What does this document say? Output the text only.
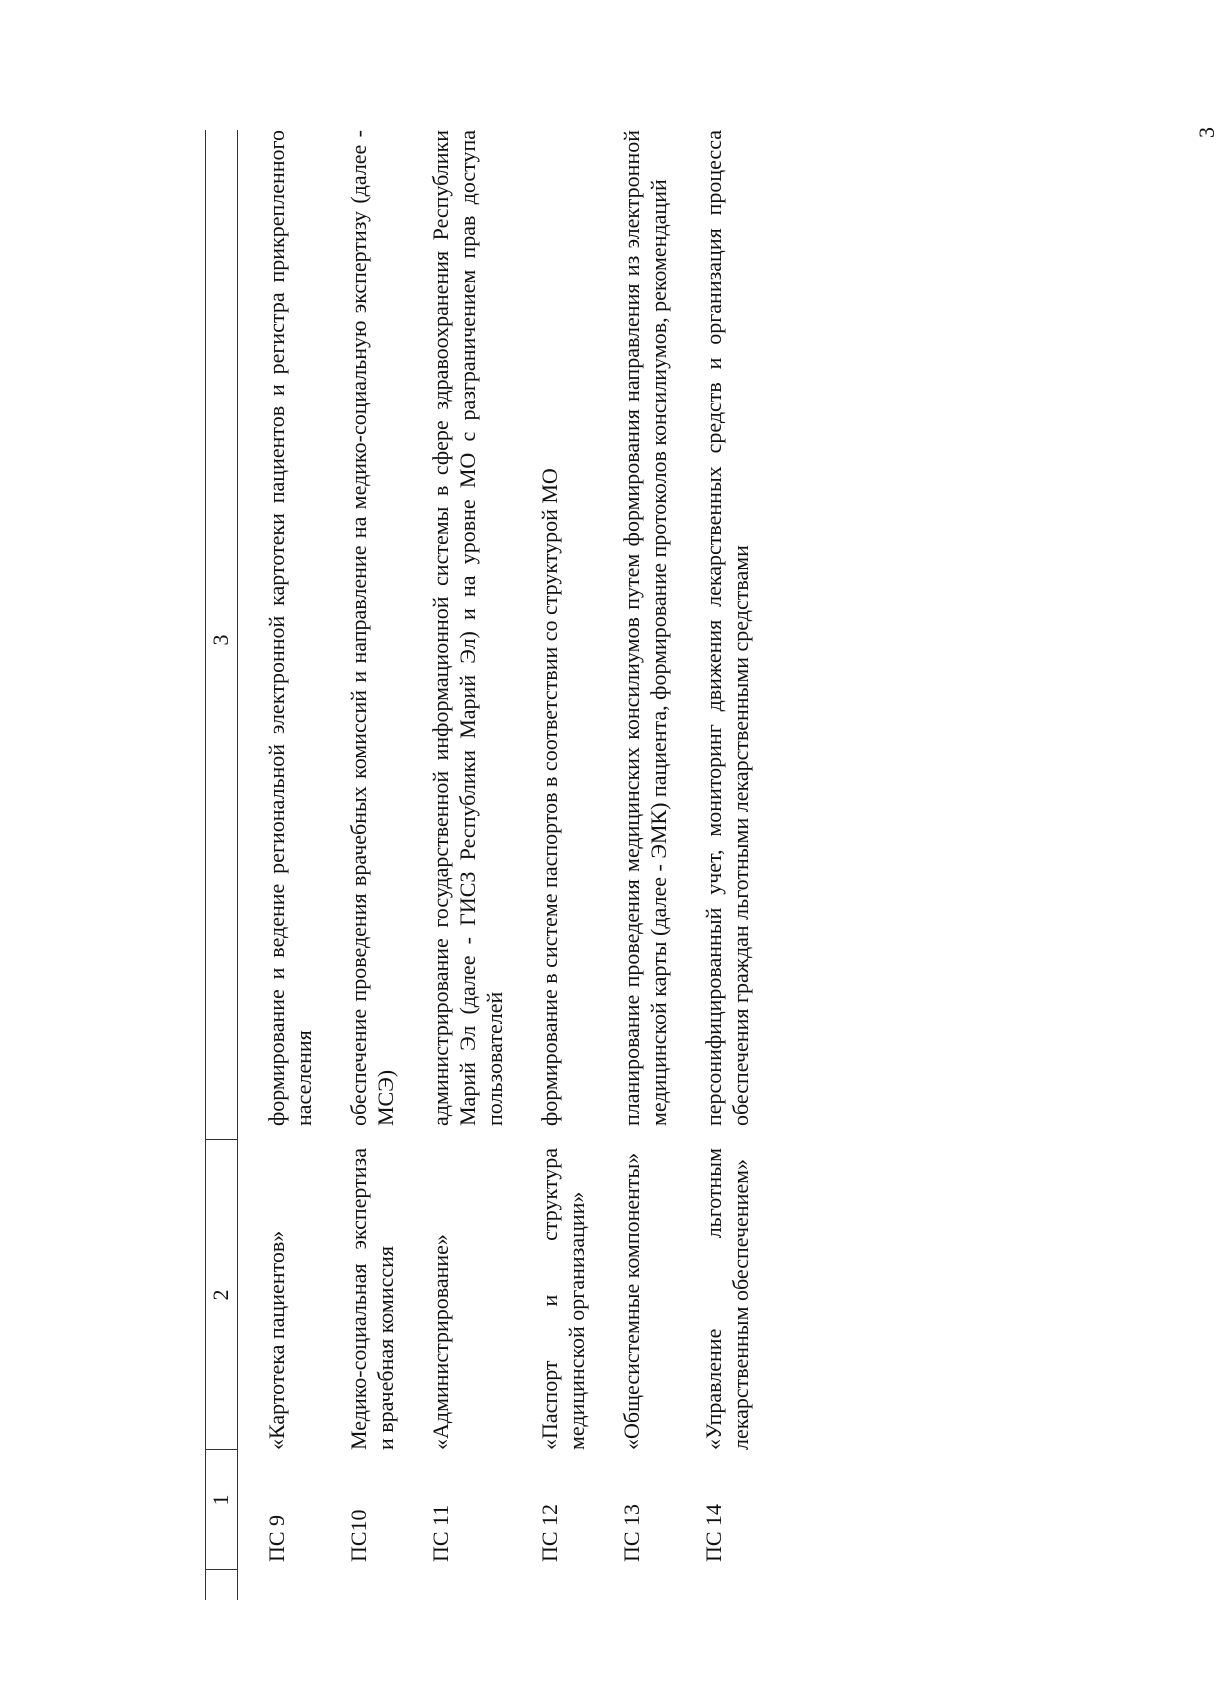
3
1
2
3
ПС 9
«Картотека пациентов»
формирование и ведение региональной электронной картотеки пациентов и регистра прикрепленного населения
ПС10
Медико-социальная экспертиза и врачебная комиссия
обеспечение проведения врачебных комиссий и направление на медико-социальную экспертизу (далее - МСЭ)
ПС 11
«Администрирование»
администрирование государственной информационной системы в сфере здравоохранения Республики Марий Эл (далее - ГИСЗ Республики Марий Эл) и на уровне МО с разграничением прав доступа пользователей
ПС 12
«Паспорт и структура медицинской организации»
формирование в системе паспортов в соответствии со структурой МО
ПС 13
«Общесистемные компоненты»
планирование проведения медицинских консилиумов путем формирования направления из электронной медицинской карты (далее - ЭМК) пациента, формирование протоколов консилиумов, рекомендаций
ПС 14
«Управление льготным лекарственным обеспечением»
персонифицированный учет, мониторинг движения лекарственных средств и организация процесса обеспечения граждан льготными лекарственными средствами
